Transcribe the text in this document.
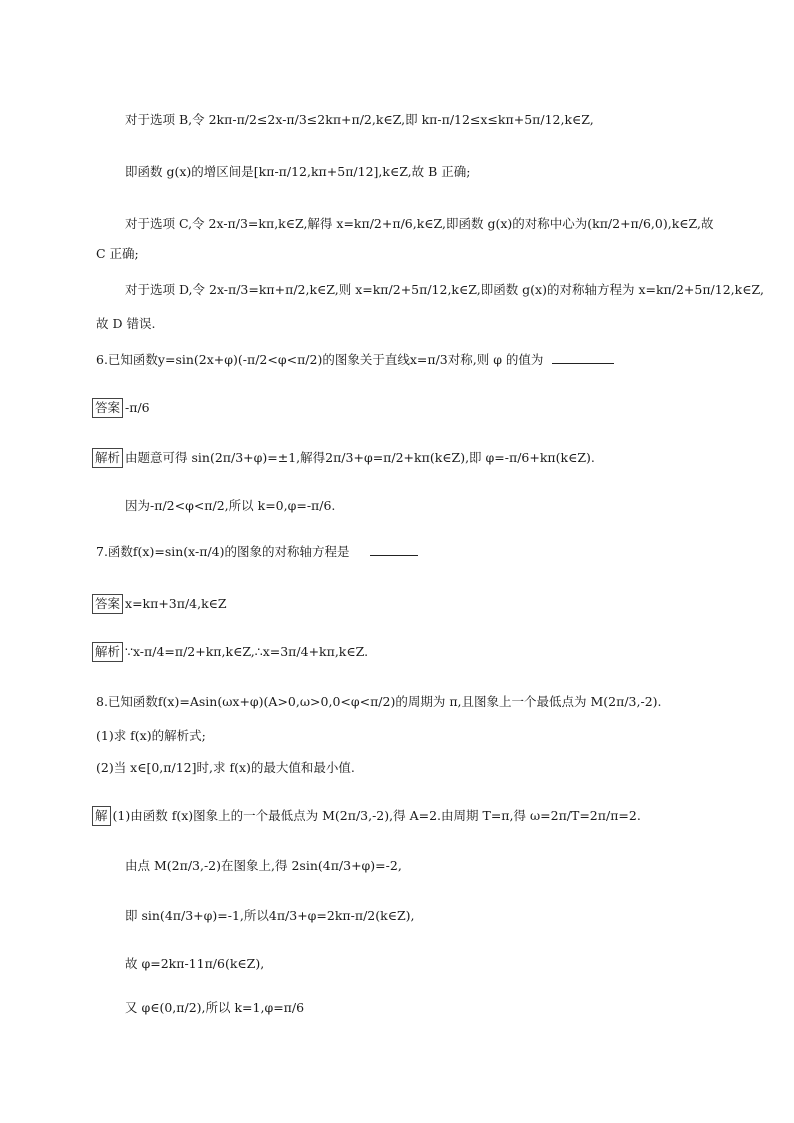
对于选项 B,令 2kπ-π/2≤2x-π/3≤2kπ+π/2,k∈Z,即 kπ-π/12≤x≤kπ+5π/12,k∈Z,
即函数 g(x)的增区间是[kπ-π/12,kπ+5π/12],k∈Z,故 B 正确;
对于选项 C,令 2x-π/3=kπ,k∈Z,解得 x=kπ/2+π/6,k∈Z,即函数 g(x)的对称中心为(kπ/2+π/6,0),k∈Z,故
C 正确;
对于选项 D,令 2x-π/3=kπ+π/2,k∈Z,则 x=kπ/2+5π/12,k∈Z,即函数 g(x)的对称轴方程为 x=kπ/2+5π/12,k∈Z,
故 D 错误.
6.已知函数y=sin(2x+φ)(-π/2<φ<π/2)的图象关于直线x=π/3对称,则 φ 的值为
7.函数f(x)=sin(x-π/4)的图象的对称轴方程是
8.已知函数f(x)=Asin(ωx+φ)(A>0,ω>0,0<φ<π/2)的周期为 π,且图象上一个最低点为 M(2π/3,-2).
(1)求 f(x)的解析式;
(2)当 x∈[0,π/12]时,求 f(x)的最大值和最小值.
因为-π/2<φ<π/2,所以 k=0,φ=-π/6.
由点 M(2π/3,-2)在图象上,得 2sin(4π/3+φ)=-2,
即 sin(4π/3+φ)=-1,所以4π/3+φ=2kπ-π/2(k∈Z),
故 φ=2kπ-11π/6(k∈Z),
又 φ∈(0,π/2),所以 k=1,φ=π/6
答案 -π/6
解析 由题意可得 sin(2π/3+φ)=±1,解得2π/3+φ=π/2+kπ(k∈Z),即 φ=-π/6+kπ(k∈Z).
答案 x=kπ+3π/4,k∈Z
解析 ∵x-π/4=π/2+kπ,k∈Z,∴x=3π/4+kπ,k∈Z.
解 (1)由函数 f(x)图象上的一个最低点为 M(2π/3,-2),得 A=2.由周期 T=π,得 ω=2π/T=2π/π=2.
